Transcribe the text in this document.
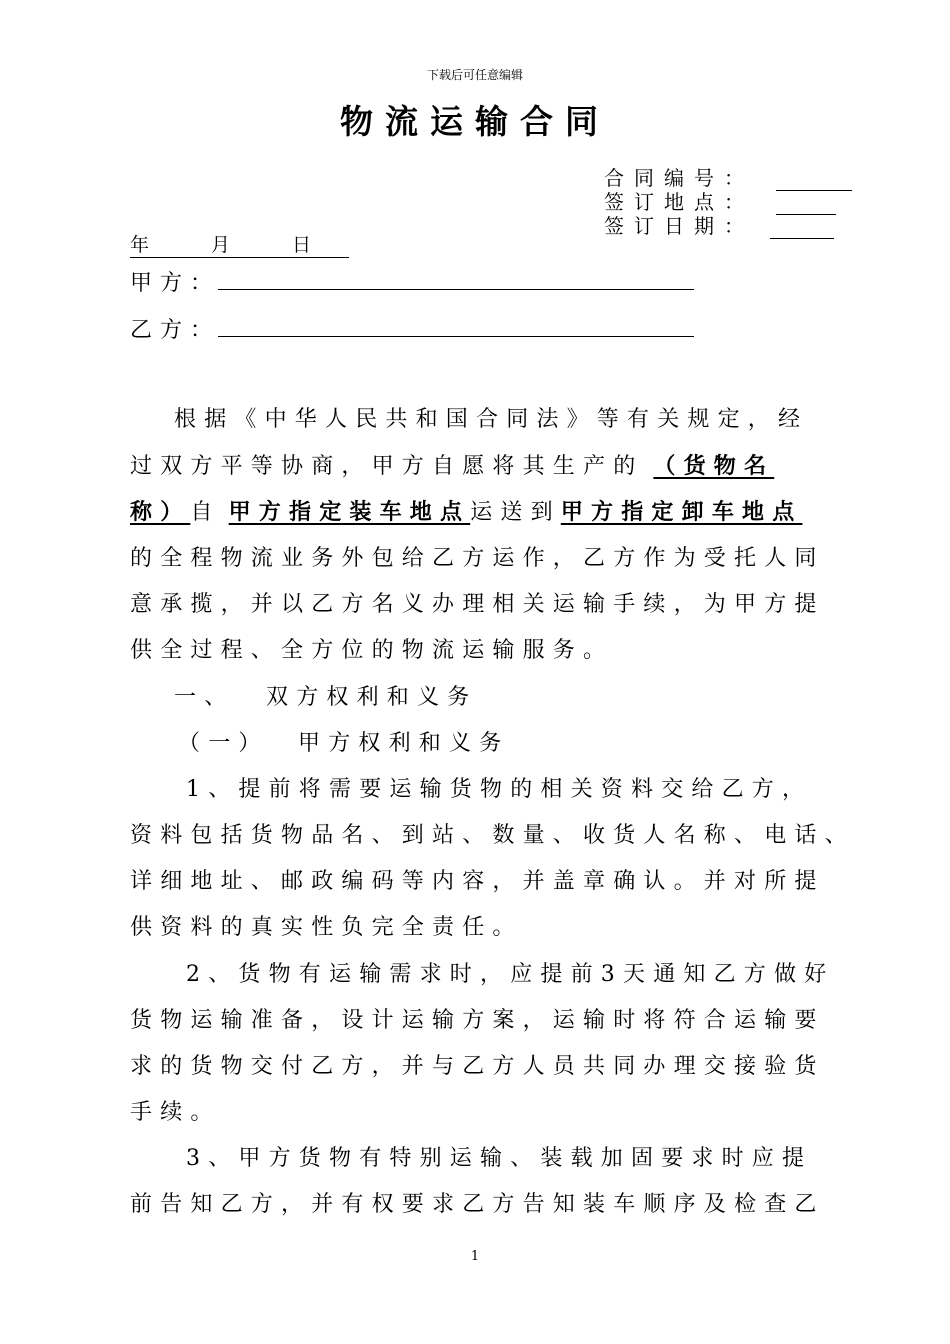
下载后可任意编辑
物流运输合同
合同编号：
签订地点：
签订日期：
年　　月　　日
甲方：
乙方：
根据《中华人民共和国合同法》等有关规定，经
过双方平等协商，甲方自愿将其生产的 （货物名
称）自 甲方指定装车地点运送到甲方指定卸车地点
的全程物流业务外包给乙方运作，乙方作为受托人同
意承揽，并以乙方名义办理相关运输手续，为甲方提
供全过程、全方位的物流运输服务。
一、 双方权利和义务
（一） 甲方权利和义务
1、提前将需要运输货物的相关资料交给乙方，
资料包括货物品名、到站、数量、收货人名称、电话、
详细地址、邮政编码等内容，并盖章确认。并对所提
供资料的真实性负完全责任。
2、货物有运输需求时，应提前3天通知乙方做好
货物运输准备，设计运输方案，运输时将符合运输要
求的货物交付乙方，并与乙方人员共同办理交接验货
手续。
3、甲方货物有特别运输、装载加固要求时应提
前告知乙方，并有权要求乙方告知装车顺序及检查乙
1
